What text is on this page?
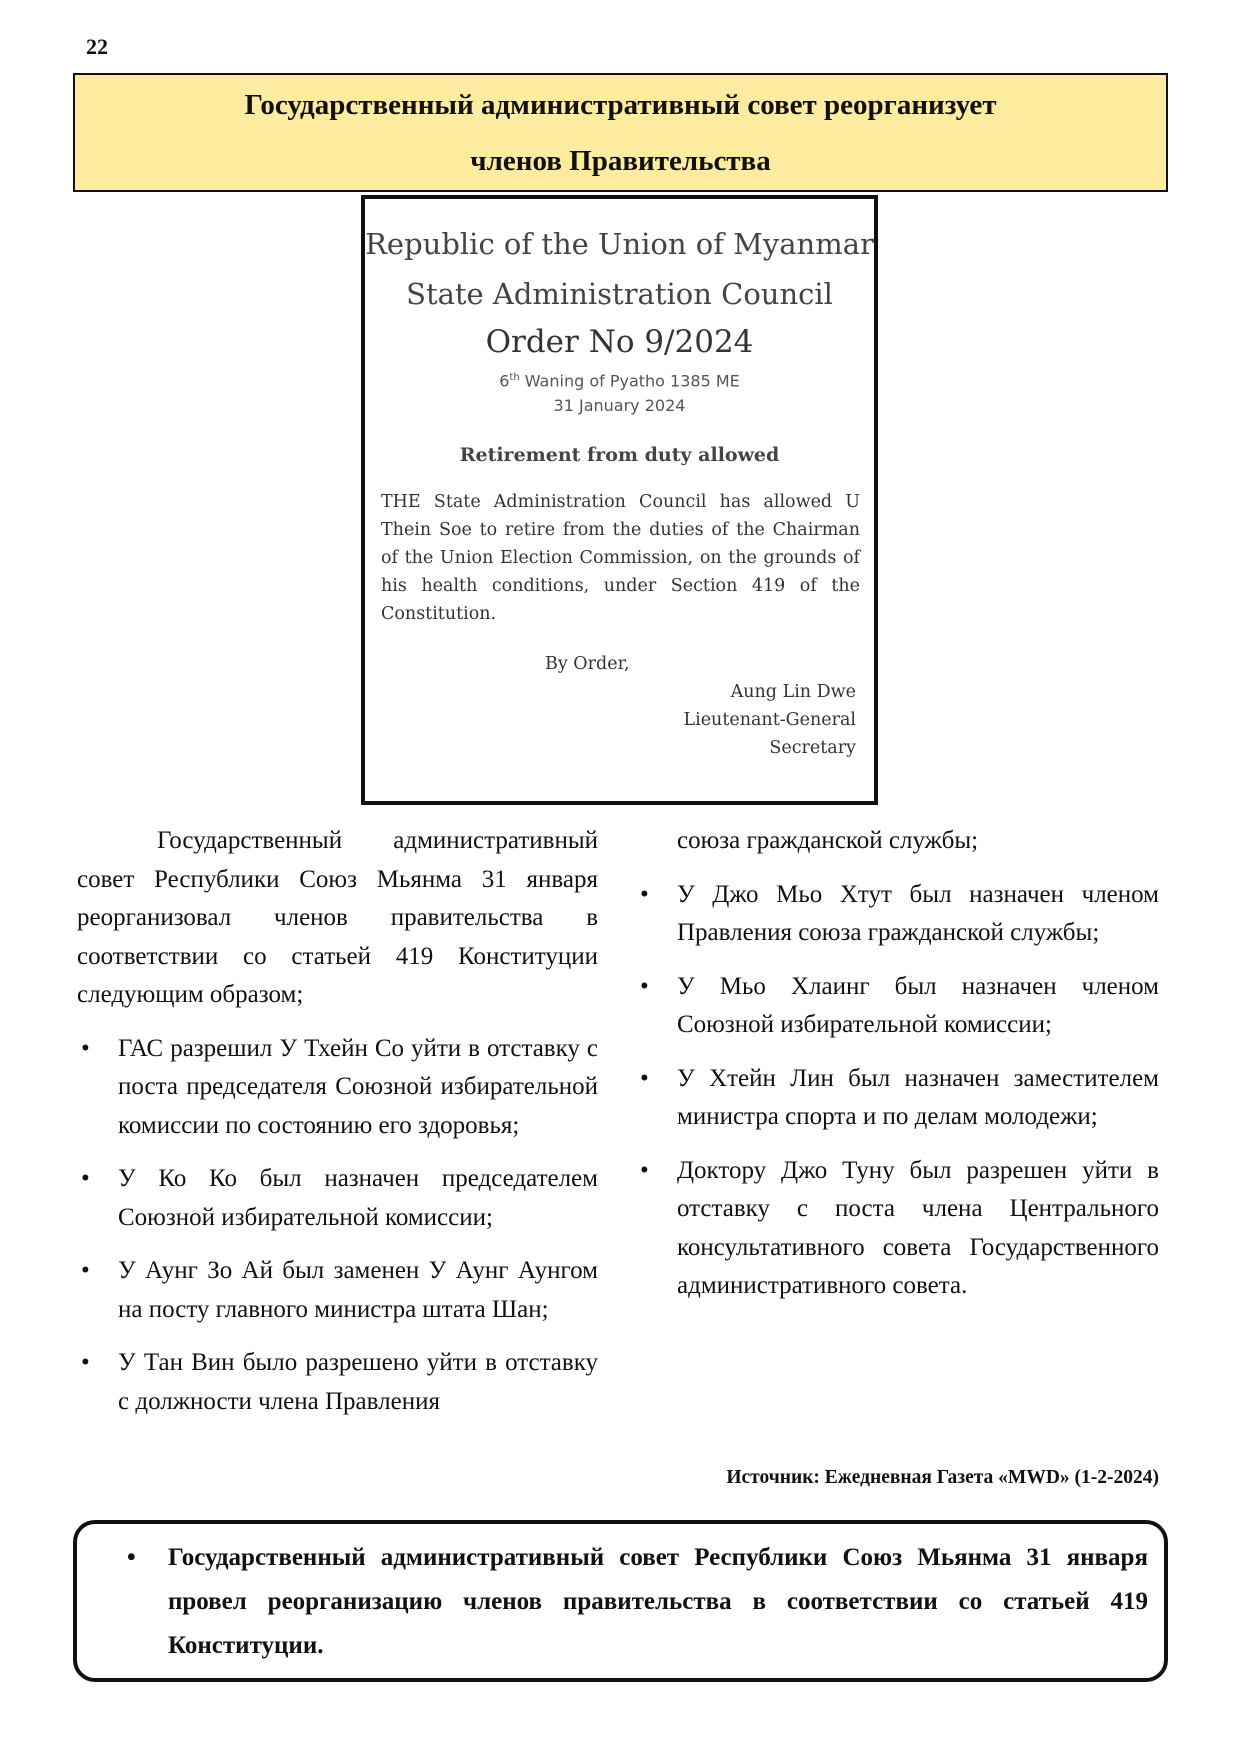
22
Государственный административный совет реорганизует
членов Правительства
Republic of the Union of Myanmar
State Administration Council
Order No 9/2024
6th Waning of Pyatho 1385 ME
31 January 2024
Retirement from duty allowed
THE State Administration Council has allowed U Thein Soe to retire from the duties of the Chairman of the Union Election Commission, on the grounds of his health conditions, under Section 419 of the Constitution.
By Order,
Aung Lin Dwe
Lieutenant-General
Secretary

Государственный административный совет Республики Союз Мьянма 31 января реорганизовал членов правительства в соответствии со статьей 419 Конституции следующим образом;

• ГАС разрешил У Тхейн Со уйти в отставку с поста председателя Союзной избирательной комиссии по состоянию его здоровья;
• У Ко Ко был назначен председателем Союзной избирательной комиссии;
• У Аунг Зо Ай был заменен У Аунг Аунгом на посту главного министра штата Шан;
• У Тан Вин было разрешено уйти в отставку с должности члена Правления
союза гражданской службы;
• У Джо Мьо Хтут был назначен членом Правления союза гражданской службы;
• У Мьо Хлаинг был назначен членом Союзной избирательной комиссии;
• У Хтейн Лин был назначен заместителем министра спорта и по делам молодежи;
• Доктору Джо Туну был разрешен уйти в отставку с поста члена Центрального консультативного совета Государственного административного совета.
Источник: Ежедневная Газета «MWD» (1-2-2024)
• Государственный административный совет Республики Союз Мьянма 31 января провел реорганизацию членов правительства в соответствии со статьей 419 Конституции.
